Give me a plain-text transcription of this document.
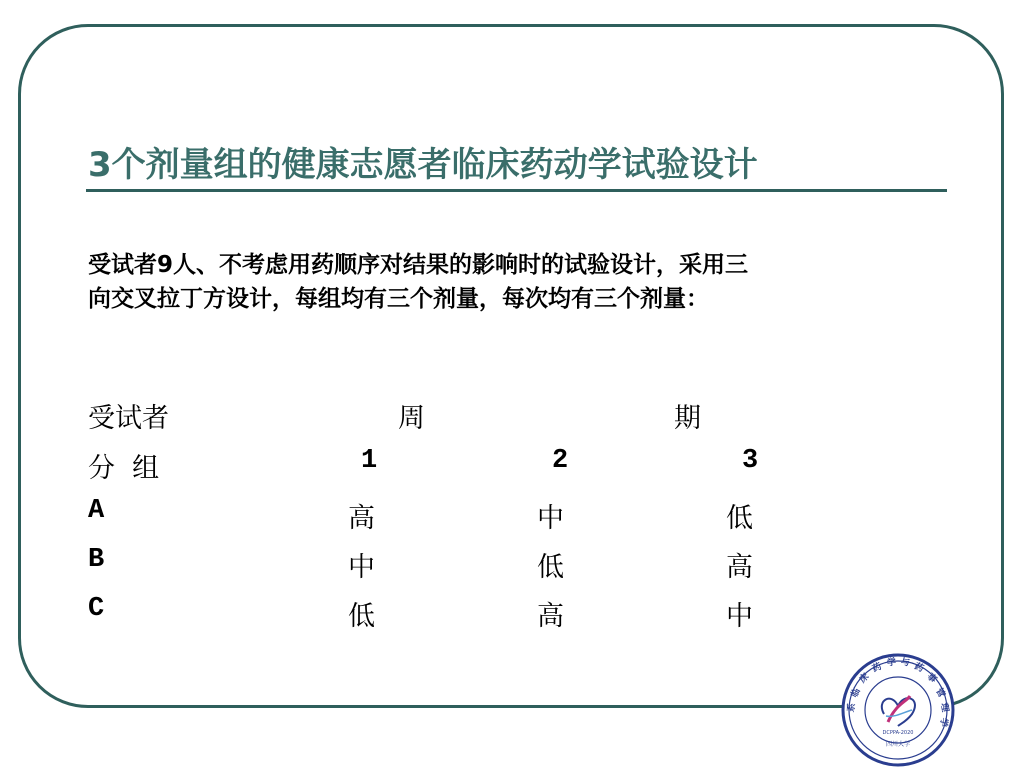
3个剂量组的健康志愿者临床药动学试验设计
受试者9人、不考虑用药顺序对结果的影响时的试验设计，采用三
向交叉拉丁方设计，每组均有三个剂量，每次均有三个剂量：
受试者	周	期
分  组	1	2	3
A	高	中	低
B	中	低	高
C	低	高	中
临
床
药 学 与 药
事
管
理
学
系
DCPPA-2020
四川大学
